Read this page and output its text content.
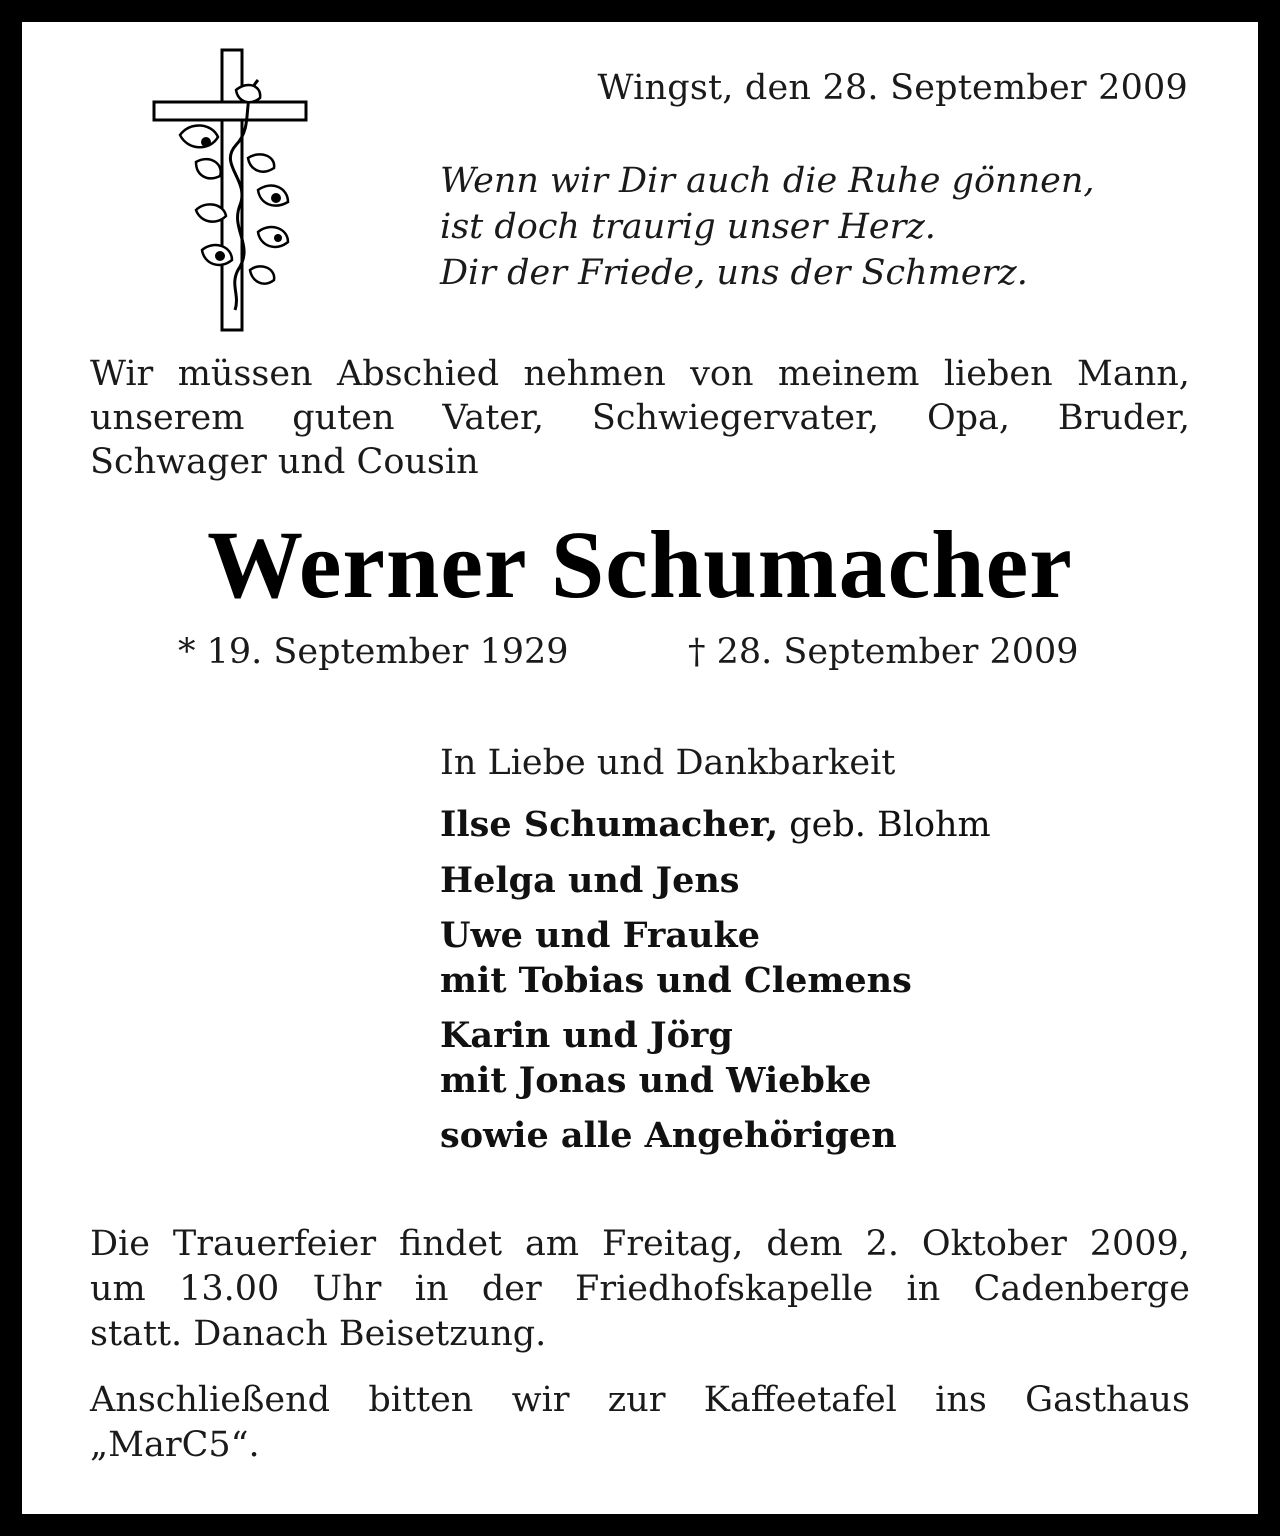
Wingst, den 28. September 2009
Wenn wir Dir auch die Ruhe gönnen,
ist doch traurig unser Herz.
Dir der Friede, uns der Schmerz.
Wir müssen Abschied nehmen von meinem lieben Mann,
unserem guten Vater, Schwiegervater, Opa, Bruder,
Schwager und Cousin
Werner Schumacher
* 19. September 1929	† 28. September 2009
In Liebe und Dankbarkeit
Ilse Schumacher, geb. Blohm
Helga und Jens
Uwe und Frauke
mit Tobias und Clemens
Karin und Jörg
mit Jonas und Wiebke
sowie alle Angehörigen
Die Trauerfeier findet am Freitag, dem 2. Oktober 2009,
um 13.00 Uhr in der Friedhofskapelle in Cadenberge
statt. Danach Beisetzung.
Anschließend bitten wir zur Kaffeetafel ins Gasthaus
„MarC5“.
